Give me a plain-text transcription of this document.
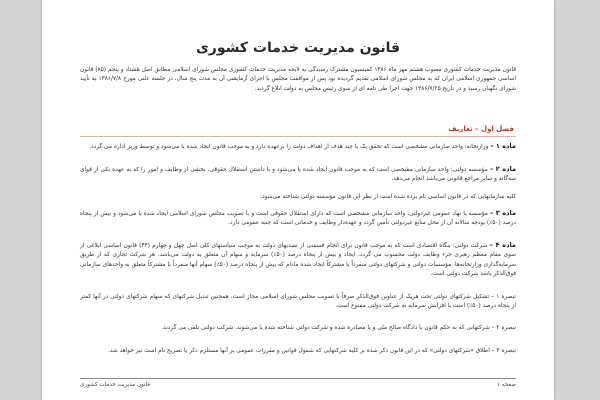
قانون مدیریت خدمات کشوری
قانون مدیریت خدمات کشوری مصوب هشتم مهر ماه ۱۳۸۶ کمیسیون مشترک رسیدگی به لایحه مدیریت خدمات کشوری مجلس شورای اسلامی مطابق اصل هشتاد و پنجم (۸۵) قانون اساسی جمهوری اسلامی ایران که به مجلس شورای اسلامی تقدیم گردیده بود پس از موافقت مجلس با اجرای آزمایشی آن به مدت پنج سال، در جلسه علنی مورخ ۱۳۸۶/۷/۸ به تأیید شورای نگهبان رسید و در تاریخ ۱۳۸۶/۷/۲۵ جهت اجرا طی نامه ای از سوی رئیس مجلس به دولت ابلاغ گردید.
فصل اول – تعاریف
ماده ۱ – وزارتخانه: واحد سازمانی مشخصی است که تحقق یک یا چند هدف از اهداف دولت را برعهده دارد و به موجب قانون ایجاد شده یا می‌شود و توسط وزیر اداره می گردد.
ماده ۲ – مؤسسه دولتی: واحد سازمانی مشخصی است که به موجب قانون ایجاد شده یا می‌شود و با داشتن استقلال حقوقی، بخشی از وظایف و امور را که به عهده یکی از قوای سه‌گانه و سایر مراجع قانونی می‌باشد انجام می‌دهد.
کلیه سازمانهایی که در قانون اساسی نام برده شده است از نظر این قانون مؤسسه دولتی شناخته می‌شود.
ماده ۳ – مؤسسه یا نهاد عمومی غیردولتی: واحد سازمانی مشخصی است که دارای استقلال حقوقی است و با تصویب مجلس شورای اسلامی ایجاد شده یا می‌شود و بیش از پنجاه درصد (۵۰٪) بودجه سالانه آن از محل منابع غیردولتی تأمین گردد و عهده‌دار وظایف و خدماتی است که جنبه عمومی دارد.
ماده ۴ – شرکت دولتی: بنگاه اقتصادی است که به موجب قانون برای انجام قسمتی از تصدیهای دولت به موجب سیاستهای کلی اصل چهل و چهارم (۴۴) قانون اساسی ابلاغی از سوی مقام معظم رهبری جزء وظایف دولت محسوب می گردد، ایجاد و بیش از پنجاه درصد (۵۰٪) سرمایه و سهام آن متعلق به دولت می‌باشد. هر شرکت تجاری که از طریق سرمایه‌گذاری وزارتخانه‌ها، مؤسسات دولتی و شرکتهای دولتی منفرداً یا مشترکاً ایجاد شده مادام که بیش از پنجاه درصد (۵۰٪) سهام آنها منفرداً یا مشترکاً متعلق به واحدهای سازمانی فوق‌الذکر باشد شرکت دولتی است.
تبصره ۱ – تشکیل شرکتهای دولتی تحت هریک از عناوین فوق‌الذکر صرفاً با تصویب مجلس شورای اسلامی مجاز است، همچنین تبدیل شرکتهای که سهام شرکتهای دولتی در آنها کمتر از پنجاه درصد (۵۰٪) است با افزایش سرمایه به شرکت دولتی ممنوع است.
تبصره ۲ – شرکتهایی که به حکم قانون یا دادگاه صالح ملی و یا مصادره شده و شرکت دولتی شناخته شده یا می‌شوند، شرکت دولتی تلقی می گردند.
تبصره ۳ – اطلاق «شرکتهای دولتی» که در این قانون ذکر شده بر کلیه شرکتهایی که شمول قوانین و مقررات عمومی بر آنها مستلزم ذکر یا تصریح نام است نیز خواهد شد.
قانون مدیریت خدمات کشوری	صفحه ۱
